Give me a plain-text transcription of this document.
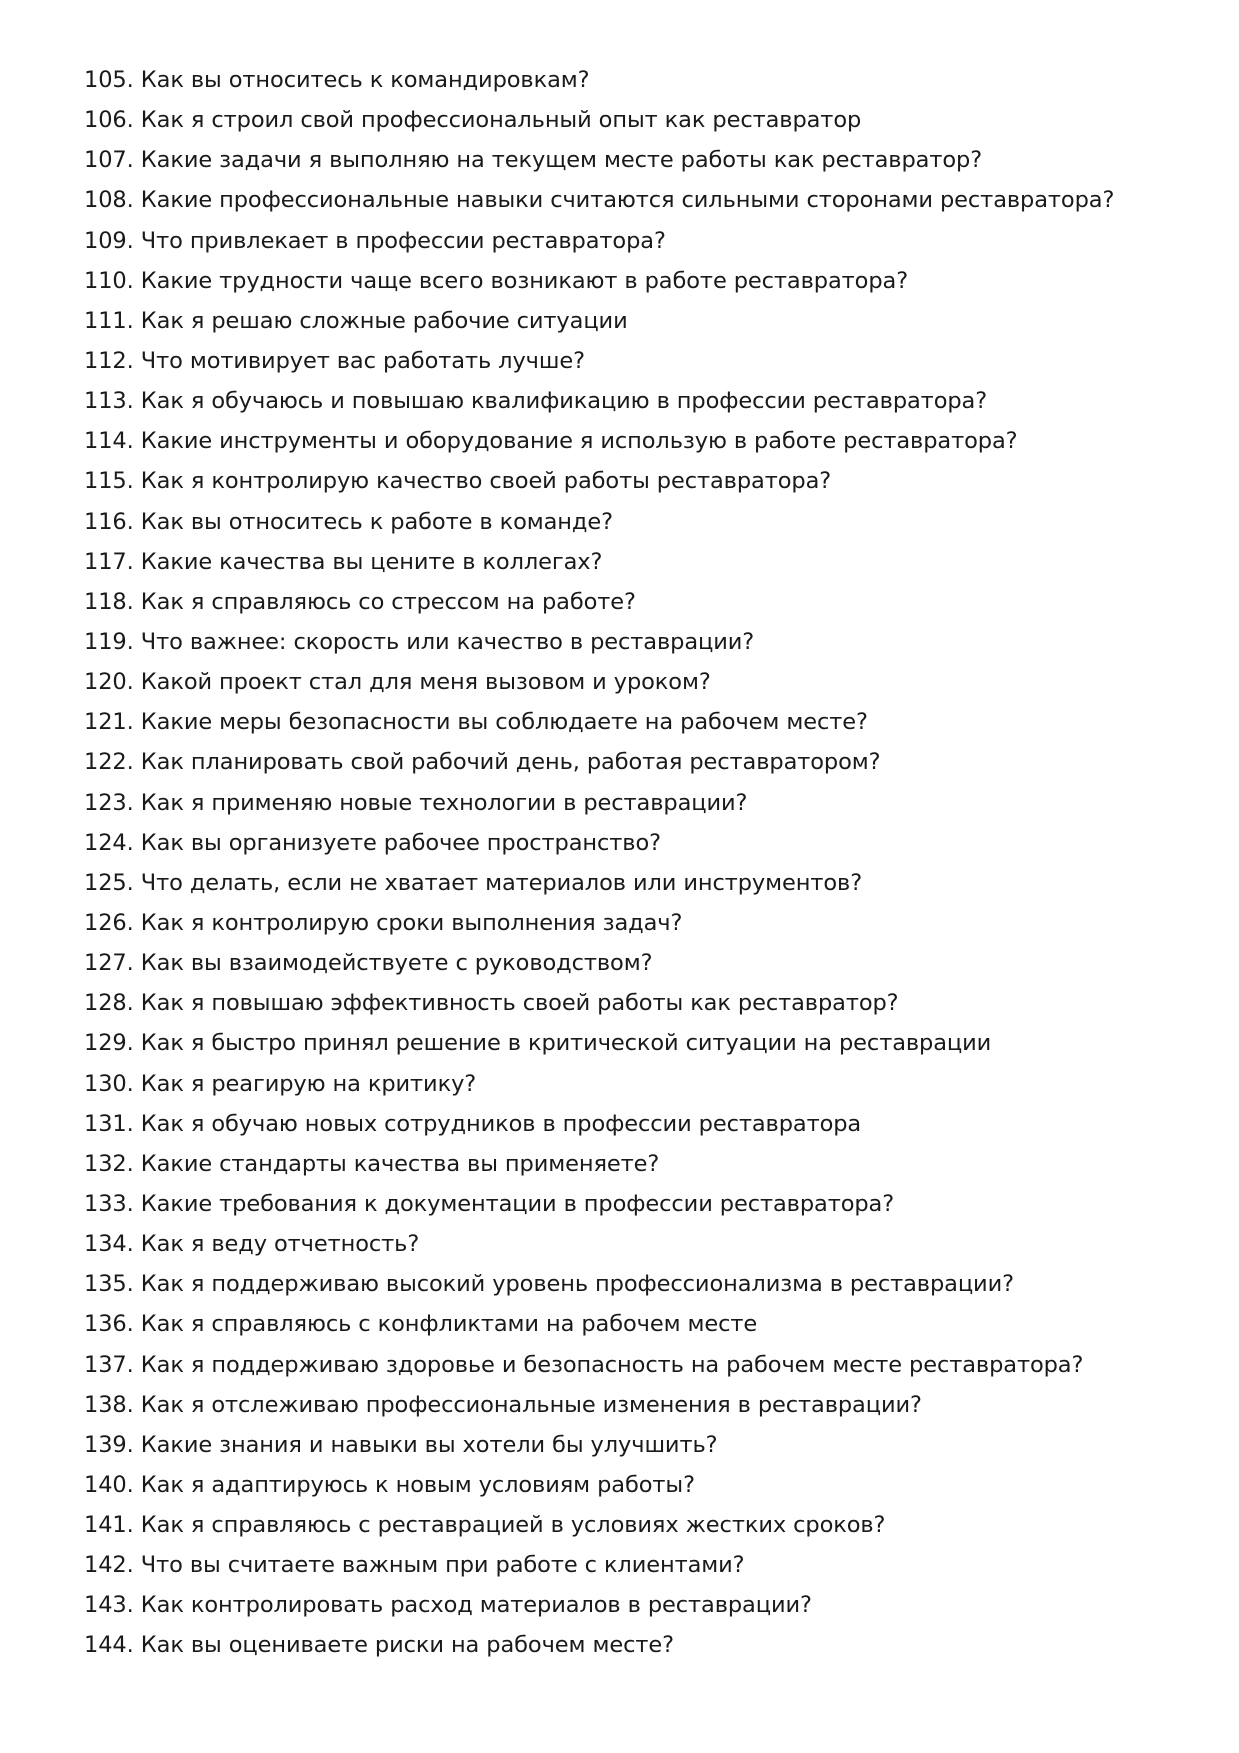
105. Как вы относитесь к командировкам?
106. Как я строил свой профессиональный опыт как реставратор
107. Какие задачи я выполняю на текущем месте работы как реставратор?
108. Какие профессиональные навыки считаются сильными сторонами реставратора?
109. Что привлекает в профессии реставратора?
110. Какие трудности чаще всего возникают в работе реставратора?
111. Как я решаю сложные рабочие ситуации
112. Что мотивирует вас работать лучше?
113. Как я обучаюсь и повышаю квалификацию в профессии реставратора?
114. Какие инструменты и оборудование я использую в работе реставратора?
115. Как я контролирую качество своей работы реставратора?
116. Как вы относитесь к работе в команде?
117. Какие качества вы цените в коллегах?
118. Как я справляюсь со стрессом на работе?
119. Что важнее: скорость или качество в реставрации?
120. Какой проект стал для меня вызовом и уроком?
121. Какие меры безопасности вы соблюдаете на рабочем месте?
122. Как планировать свой рабочий день, работая реставратором?
123. Как я применяю новые технологии в реставрации?
124. Как вы организуете рабочее пространство?
125. Что делать, если не хватает материалов или инструментов?
126. Как я контролирую сроки выполнения задач?
127. Как вы взаимодействуете с руководством?
128. Как я повышаю эффективность своей работы как реставратор?
129. Как я быстро принял решение в критической ситуации на реставрации
130. Как я реагирую на критику?
131. Как я обучаю новых сотрудников в профессии реставратора
132. Какие стандарты качества вы применяете?
133. Какие требования к документации в профессии реставратора?
134. Как я веду отчетность?
135. Как я поддерживаю высокий уровень профессионализма в реставрации?
136. Как я справляюсь с конфликтами на рабочем месте
137. Как я поддерживаю здоровье и безопасность на рабочем месте реставратора?
138. Как я отслеживаю профессиональные изменения в реставрации?
139. Какие знания и навыки вы хотели бы улучшить?
140. Как я адаптируюсь к новым условиям работы?
141. Как я справляюсь с реставрацией в условиях жестких сроков?
142. Что вы считаете важным при работе с клиентами?
143. Как контролировать расход материалов в реставрации?
144. Как вы оцениваете риски на рабочем месте?
